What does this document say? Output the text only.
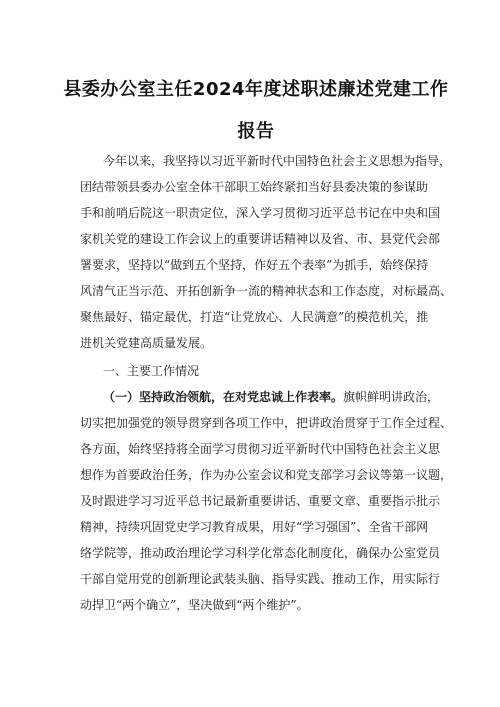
县委办公室主任2024年度述职述廉述党建工作
报告
今年以来，我坚持以习近平新时代中国特色社会主义思想为指导，
团结带领县委办公室全体干部职工始终紧扣当好县委决策的参谋助
手和前哨后院这一职责定位，深入学习贯彻习近平总书记在中央和国
家机关党的建设工作会议上的重要讲话精神以及省、市、县党代会部
署要求，坚持以“做到五个坚持，作好五个表率”为抓手，始终保持
风清气正当示范、开拓创新争一流的精神状态和工作态度，对标最高、
聚焦最好、锚定最优，打造“让党放心、人民满意”的模范机关，推
进机关党建高质量发展。
一、主要工作情况
（一）坚持政治领航，在对党忠诚上作表率。旗帜鲜明讲政治，
切实把加强党的领导贯穿到各项工作中，把讲政治贯穿于工作全过程、
各方面，始终坚持将全面学习贯彻习近平新时代中国特色社会主义思
想作为首要政治任务，作为办公室会议和党支部学习会议等第一议题，
及时跟进学习习近平总书记最新重要讲话、重要文章、重要指示批示
精神，持续巩固党史学习教育成果，用好“学习强国”、全省干部网
络学院等，推动政治理论学习科学化常态化制度化，确保办公室党员
干部自觉用党的创新理论武装头脑、指导实践、推动工作，用实际行
动捍卫“两个确立”，坚决做到“两个维护”。
